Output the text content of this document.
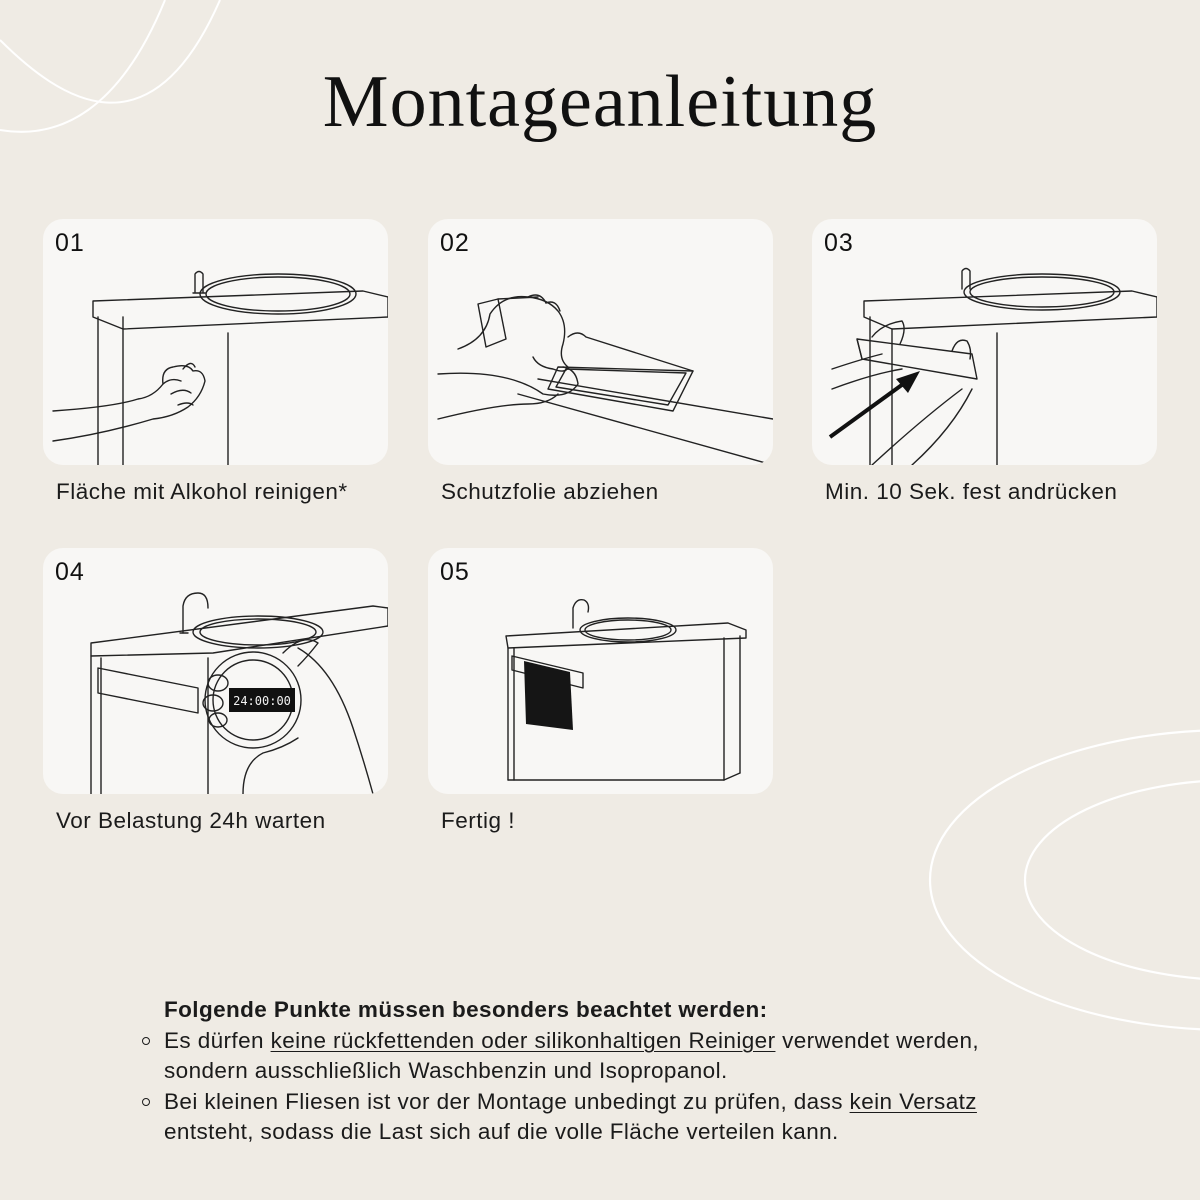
Montageanleitung
01
Fläche mit Alkohol reinigen*
02
Schutzfolie abziehen
03
Min. 10 Sek. fest andrücken
24:00:00
04
Vor Belastung 24h warten
05
Fertig !
Folgende Punkte müssen besonders beachtet werden:
Es dürfen keine rückfettenden oder silikonhaltigen Reiniger verwendet werden, sondern ausschließlich Waschbenzin und Isopropanol.
Bei kleinen Fliesen ist vor der Montage unbedingt zu prüfen, dass kein Versatz entsteht, sodass die Last sich auf die volle Fläche verteilen kann.
